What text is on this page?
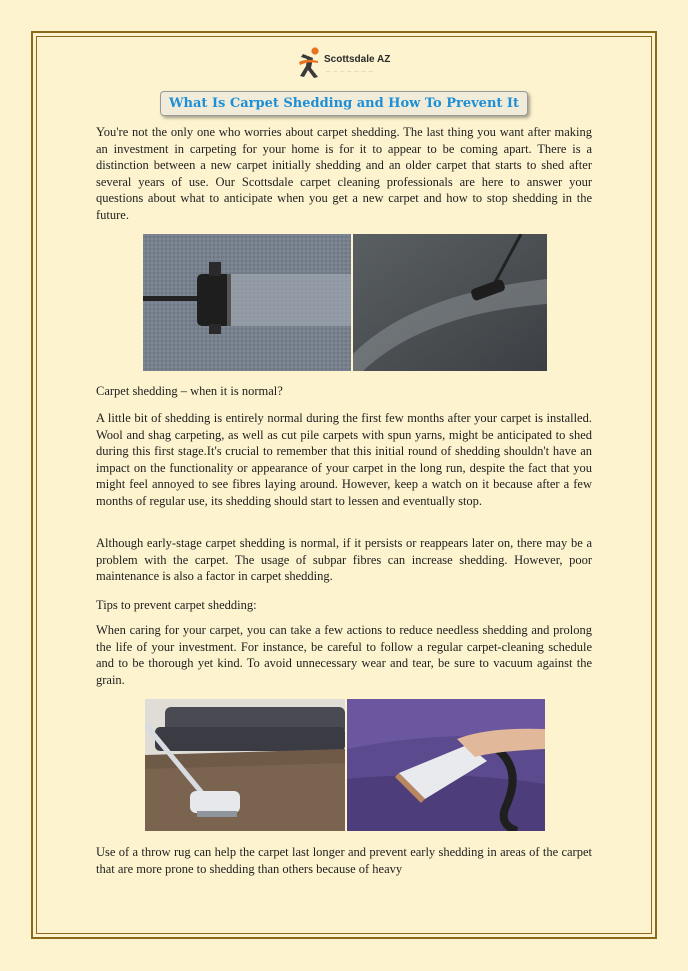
Scottsdale AZ
— — — — — — —
What Is Carpet Shedding and How To Prevent It

You're not the only one who worries about carpet shedding. The last thing you want after making an investment in carpeting for your home is for it to appear to be coming apart. There is a distinction between a new carpet initially shedding and an older carpet that starts to shed after several years of use. Our Scottsdale carpet cleaning professionals are here to answer your questions about what to anticipate when you get a new carpet and how to stop shedding in the future.

Carpet shedding – when it is normal?

A little bit of shedding is entirely normal during the first few months after your carpet is installed. Wool and shag carpeting, as well as cut pile carpets with spun yarns, might be anticipated to shed during this first stage.It's crucial to remember that this initial round of shedding shouldn't have an impact on the functionality or appearance of your carpet in the long run, despite the fact that you might feel annoyed to see fibres laying around. However, keep a watch on it because after a few months of regular use, its shedding should start to lessen and eventually stop.

Although early-stage carpet shedding is normal, if it persists or reappears later on, there may be a problem with the carpet. The usage of subpar fibres can increase shedding. However, poor maintenance is also a factor in carpet shedding.

Tips to prevent carpet shedding:

When caring for your carpet, you can take a few actions to reduce needless shedding and prolong the life of your investment. For instance, be careful to follow a regular carpet-cleaning schedule and to be thorough yet kind. To avoid unnecessary wear and tear, be sure to vacuum against the grain.

Use of a throw rug can help the carpet last longer and prevent early shedding in areas of the carpet that are more prone to shedding than others because of heavy
